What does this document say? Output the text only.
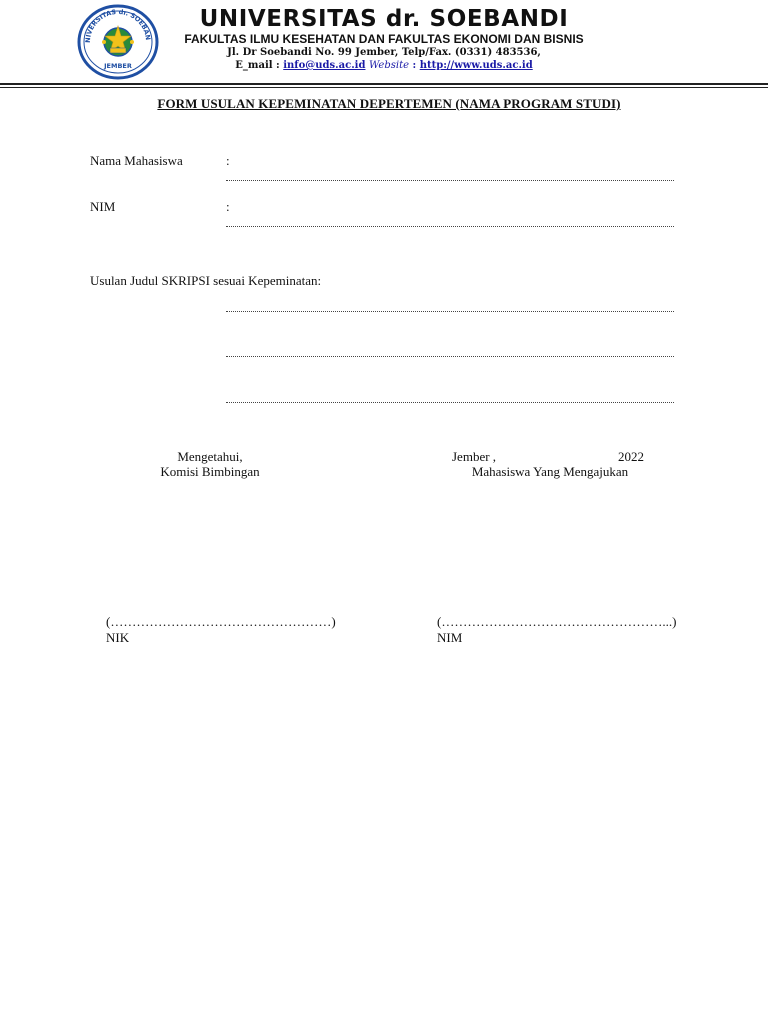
NIVERSITAS dr. SOEBAN
JEMBER
UNIVERSITAS dr. SOEBANDI
FAKULTAS ILMU KESEHATAN DAN FAKULTAS EKONOMI DAN BISNIS
Jl. Dr Soebandi No. 99 Jember, Telp/Fax. (0331) 483536,
E_mail : info@uds.ac.id Website : http://www.uds.ac.id
FORM USULAN KEPEMINATAN DEPERTEMEN (NAMA PROGRAM STUDI)
Nama Mahasiswa	:
NIM	:
Usulan Judul SKRIPSI sesuai Kepeminatan:
Mengetahui,
Komisi Bimbingan
Jember ,	2022
Mahasiswa Yang Mengajukan
(……………………………………………)
NIK
(……………………………………………...)
NIM
